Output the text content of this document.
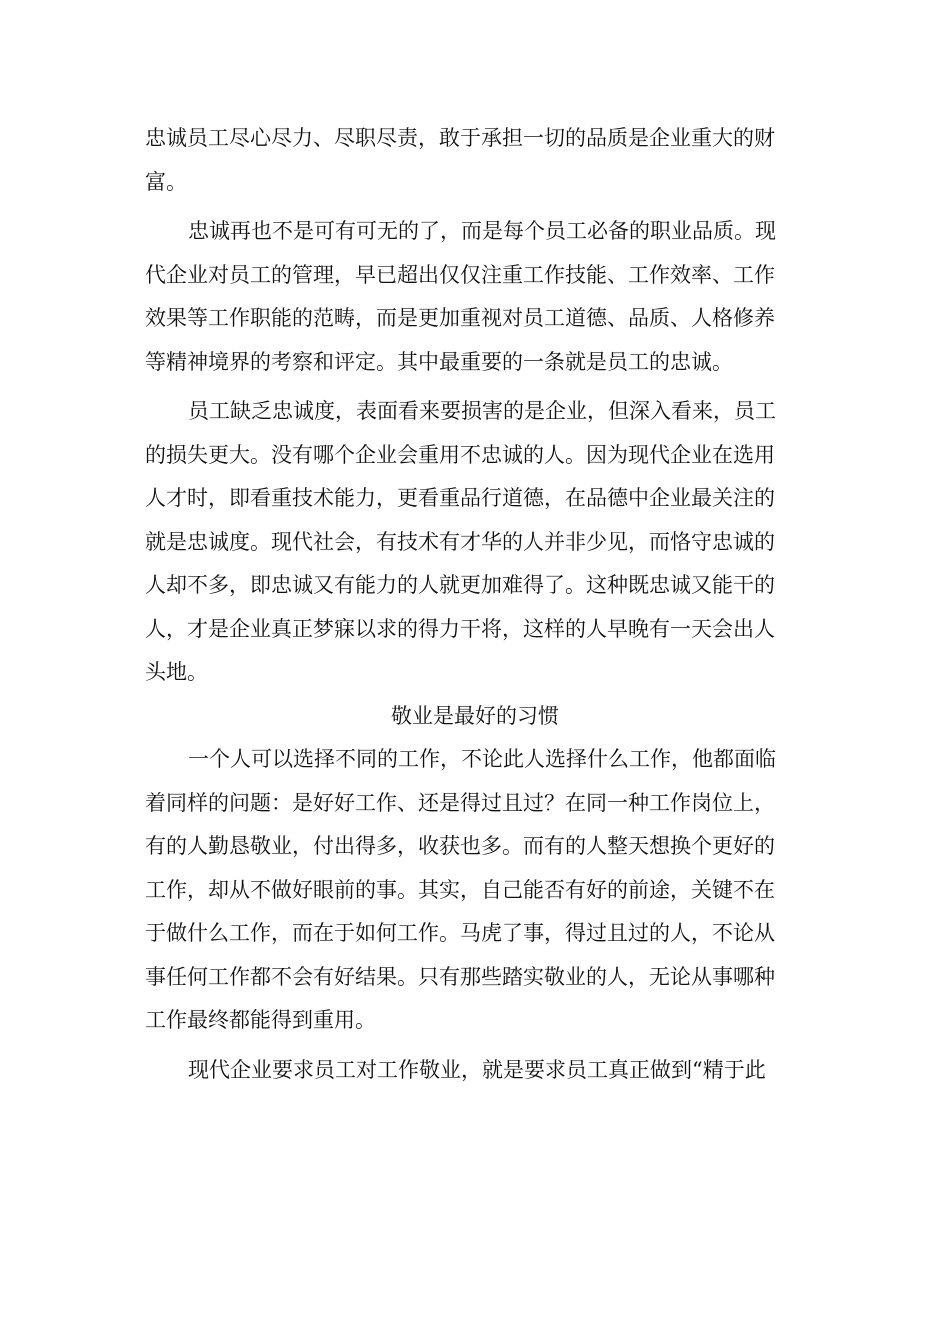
忠诚员工尽心尽力、尽职尽责，敢于承担一切的品质是企业重大的财
富。
忠诚再也不是可有可无的了，而是每个员工必备的职业品质。现
代企业对员工的管理，早已超出仅仅注重工作技能、工作效率、工作
效果等工作职能的范畴，而是更加重视对员工道德、品质、人格修养
等精神境界的考察和评定。其中最重要的一条就是员工的忠诚。
员工缺乏忠诚度，表面看来要损害的是企业，但深入看来，员工
的损失更大。没有哪个企业会重用不忠诚的人。因为现代企业在选用
人才时，即看重技术能力，更看重品行道德，在品德中企业最关注的
就是忠诚度。现代社会，有技术有才华的人并非少见，而恪守忠诚的
人却不多，即忠诚又有能力的人就更加难得了。这种既忠诚又能干的
人，才是企业真正梦寐以求的得力干将，这样的人早晚有一天会出人
头地。
敬业是最好的习惯
一个人可以选择不同的工作，不论此人选择什么工作，他都面临
着同样的问题：是好好工作、还是得过且过？在同一种工作岗位上，
有的人勤恳敬业，付出得多，收获也多。而有的人整天想换个更好的
工作，却从不做好眼前的事。其实，自己能否有好的前途，关键不在
于做什么工作，而在于如何工作。马虎了事，得过且过的人，不论从
事任何工作都不会有好结果。只有那些踏实敬业的人，无论从事哪种
工作最终都能得到重用。
现代企业要求员工对工作敬业，就是要求员工真正做到“精于此
